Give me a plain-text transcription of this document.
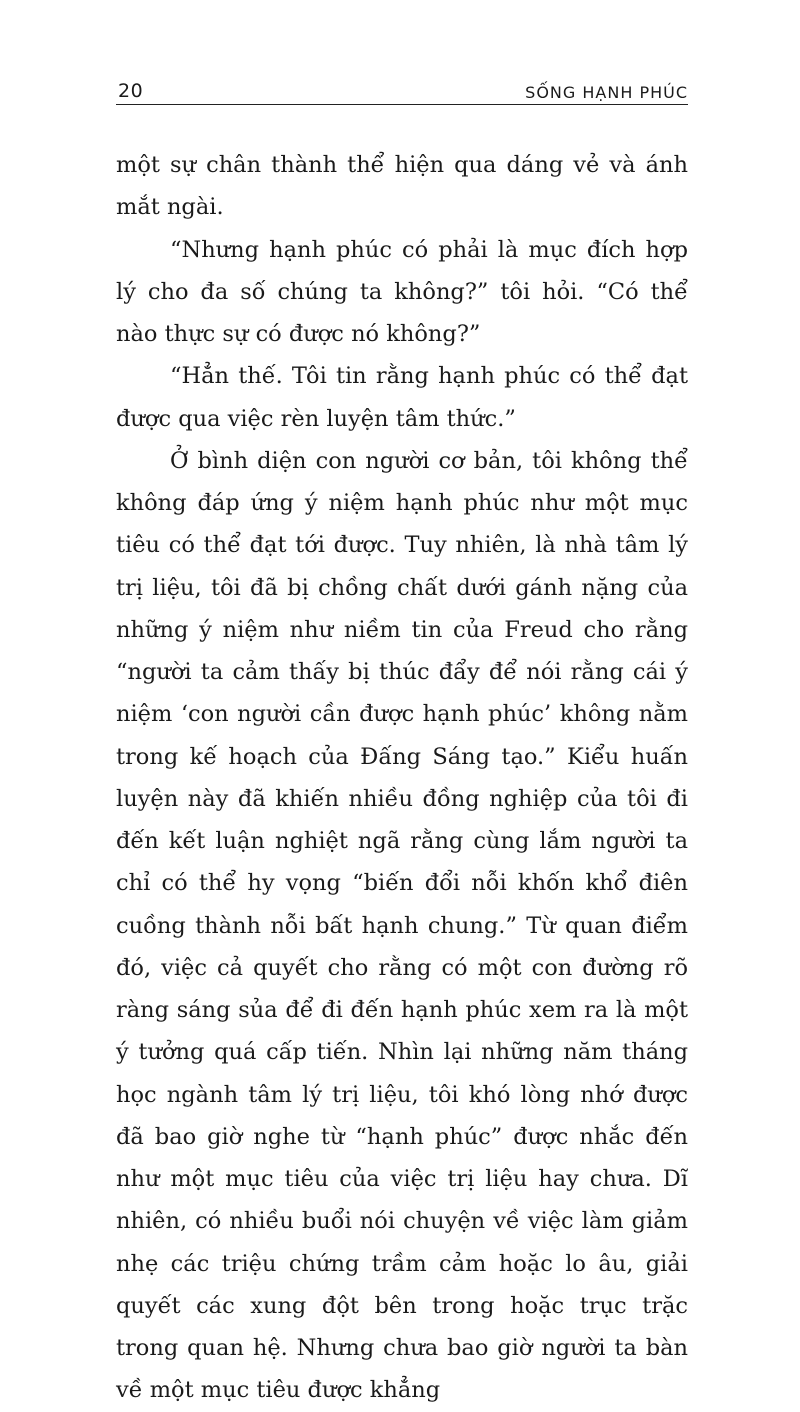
20	SỐNG HẠNH PHÚC

một sự chân thành thể hiện qua dáng vẻ và ánh mắt ngài.

“Nhưng hạnh phúc có phải là mục đích hợp lý cho đa số chúng ta không?” tôi hỏi. “Có thể nào thực sự có được nó không?”

“Hẳn thế. Tôi tin rằng hạnh phúc có thể đạt được qua việc rèn luyện tâm thức.”

Ở bình diện con người cơ bản, tôi không thể không đáp ứng ý niệm hạnh phúc như một mục tiêu có thể đạt tới được. Tuy nhiên, là nhà tâm lý trị liệu, tôi đã bị chồng chất dưới gánh nặng của những ý niệm như niềm tin của Freud cho rằng “người ta cảm thấy bị thúc đẩy để nói rằng cái ý niệm ‘con người cần được hạnh phúc’ không nằm trong kế hoạch của Đấng Sáng tạo.” Kiểu huấn luyện này đã khiến nhiều đồng nghiệp của tôi đi đến kết luận nghiệt ngã rằng cùng lắm người ta chỉ có thể hy vọng “biến đổi nỗi khốn khổ điên cuồng thành nỗi bất hạnh chung.” Từ quan điểm đó, việc cả quyết cho rằng có một con đường rõ ràng sáng sủa để đi đến hạnh phúc xem ra là một ý tưởng quá cấp tiến. Nhìn lại những năm tháng học ngành tâm lý trị liệu, tôi khó lòng nhớ được đã bao giờ nghe từ “hạnh phúc” được nhắc đến như một mục tiêu của việc trị liệu hay chưa. Dĩ nhiên, có nhiều buổi nói chuyện về việc làm giảm nhẹ các triệu chứng trầm cảm hoặc lo âu, giải quyết các xung đột bên trong hoặc trục trặc trong quan hệ. Nhưng chưa bao giờ người ta bàn về một mục tiêu được khẳng
